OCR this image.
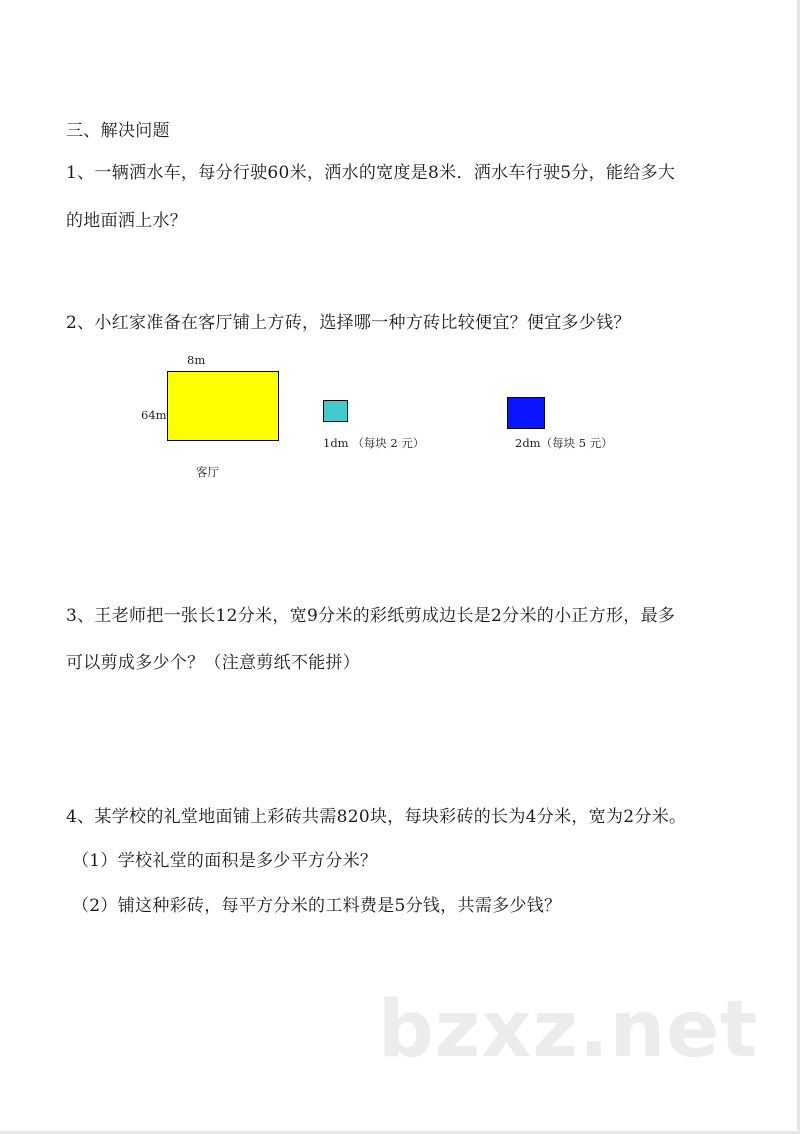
三、解决问题
1、一辆洒水车，每分行驶60米，洒水的宽度是8米．洒水车行驶5分，能给多大
的地面洒上水？
2、小红家准备在客厅铺上方砖，选择哪一种方砖比较便宜？便宜多少钱？
8m
64m
客厅
1dm （每块 2 元）	2dm（每块 5 元）
3、王老师把一张长12分米，宽9分米的彩纸剪成边长是2分米的小正方形，最多
可以剪成多少个？（注意剪纸不能拼）
4、某学校的礼堂地面铺上彩砖共需820块，每块彩砖的长为4分米，宽为2分米。
（1）学校礼堂的面积是多少平方分米？
（2）铺这种彩砖，每平方分米的工料费是5分钱，共需多少钱？
bzxz.net
